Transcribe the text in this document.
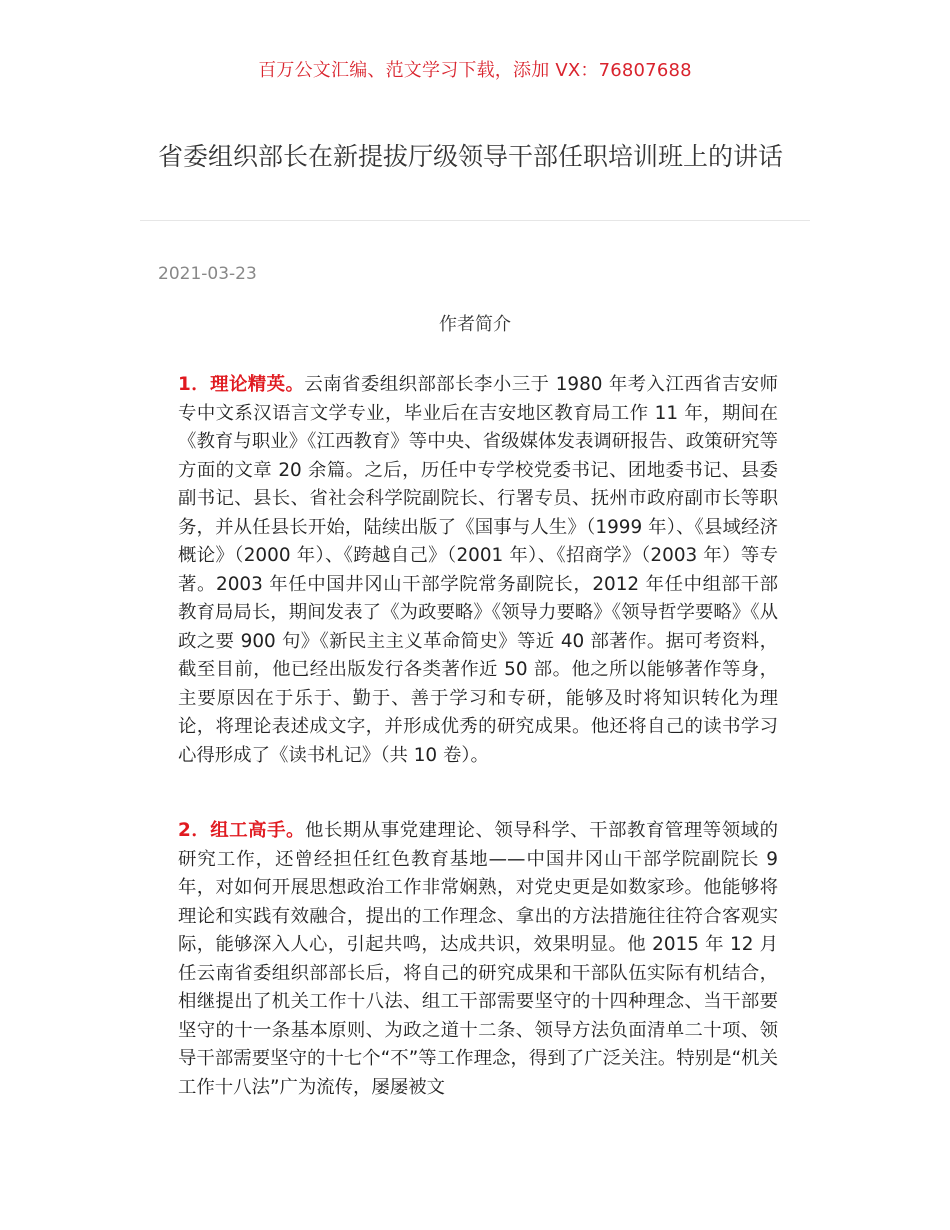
百万公文汇编、范文学习下载，添加 VX：76807688
省委组织部长在新提拔厅级领导干部任职培训班上的讲话
2021-03-23
作者简介

1．理论精英。云南省委组织部部长李小三于 1980 年考入江西省吉安师专中文系汉语言文学专业，毕业后在吉安地区教育局工作 11 年，期间在《教育与职业》《江西教育》等中央、省级媒体发表调研报告、政策研究等方面的文章 20 余篇。之后，历任中专学校党委书记、团地委书记、县委副书记、县长、省社会科学院副院长、行署专员、抚州市政府副市长等职务，并从任县长开始，陆续出版了《国事与人生》（1999 年）、《县域经济概论》（2000 年）、《跨越自己》（2001 年）、《招商学》（2003 年）等专著。2003 年任中国井冈山干部学院常务副院长，2012 年任中组部干部教育局局长，期间发表了《为政要略》《领导力要略》《领导哲学要略》《从政之要 900 句》《新民主主义革命简史》等近 40 部著作。据可考资料，截至目前，他已经出版发行各类著作近 50 部。他之所以能够著作等身，主要原因在于乐于、勤于、善于学习和专研，能够及时将知识转化为理论，将理论表述成文字，并形成优秀的研究成果。他还将自己的读书学习心得形成了《读书札记》（共 10 卷）。

2．组工高手。他长期从事党建理论、领导科学、干部教育管理等领域的研究工作，还曾经担任红色教育基地——中国井冈山干部学院副院长 9 年，对如何开展思想政治工作非常娴熟，对党史更是如数家珍。他能够将理论和实践有效融合，提出的工作理念、拿出的方法措施往往符合客观实际，能够深入人心，引起共鸣，达成共识，效果明显。他 2015 年 12 月任云南省委组织部部长后，将自己的研究成果和干部队伍实际有机结合，相继提出了机关工作十八法、组工干部需要坚守的十四种理念、当干部要坚守的十一条基本原则、为政之道十二条、领导方法负面清单二十项、领导干部需要坚守的十七个“不”等工作理念，得到了广泛关注。特别是“机关工作十八法”广为流传，屡屡被文
